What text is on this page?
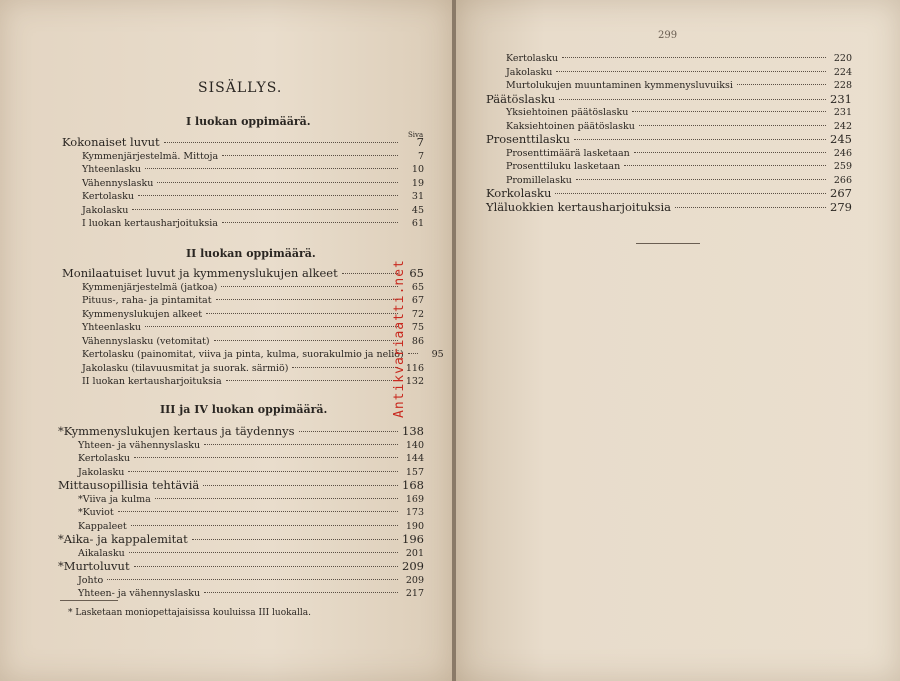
SISÄLLYS.
I luokan oppimäärä.
Siva
Kokonaiset luvut	7
Kymmenjärjestelmä. Mittoja	7
Yhteenlasku	10
Vähennyslasku	19
Kertolasku	31
Jakolasku	45
I luokan kertausharjoituksia	61
II luokan oppimäärä.
Monilaatuiset luvut ja kymmenyslukujen alkeet	65
Kymmenjärjestelmä (jatkoa)	65
Pituus-, raha- ja pintamitat	67
Kymmenyslukujen alkeet	72
Yhteenlasku	75
Vähennyslasku (vetomitat)	86
Kertolasku (painomitat, viiva ja pinta, kulma, suorakulmio ja neliö)	95
Jakolasku (tilavuusmitat ja suorak. särmiö)	116
II luokan kertausharjoituksia	132
III ja IV luokan oppimäärä.
*Kymmenyslukujen kertaus ja täydennys	138
Yhteen- ja vähennyslasku	140
Kertolasku	144
Jakolasku	157
Mittausopillisia tehtäviä	168
*Viiva ja kulma	169
*Kuviot	173
Kappaleet	190
*Aika- ja kappalemitat	196
Aikalasku	201
*Murtoluvut	209
Johto	209
Yhteen- ja vähennyslasku	217
* Lasketaan moniopettajaisissa kouluissa III luokalla.
Antikvariaatti.net
299
Kertolasku	220
Jakolasku	224
Murtolukujen muuntaminen kymmenysluvuiksi	228
Päätöslasku	231
Yksiehtoinen päätöslasku	231
Kaksiehtoinen päätöslasku	242
Prosenttilasku	245
Prosenttimäärä lasketaan	246
Prosenttiluku lasketaan	259
Promillelasku	266
Korkolasku	267
Yläluokkien kertausharjoituksia	279
